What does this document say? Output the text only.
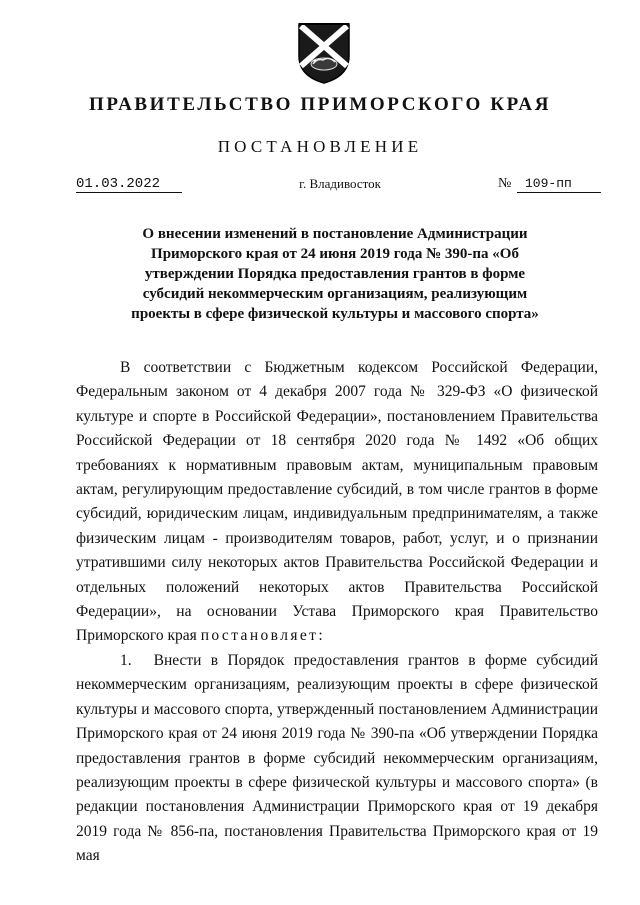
ПРАВИТЕЛЬСТВО ПРИМОРСКОГО КРАЯ
ПОСТАНОВЛЕНИЕ
01.03.2022	г. Владивосток	№	109-пп
О внесении изменений в постановление Администрации Приморского края от 24 июня 2019 года № 390-па «Об утверждении Порядка предоставления грантов в форме субсидий некоммерческим организациям, реализующим проекты в сфере физической культуры и массового спорта»

В соответствии с Бюджетным кодексом Российской Федерации, Федеральным законом от 4 декабря 2007 года № 329-ФЗ «О физической культуре и спорте в Российской Федерации», постановлением Правительства Российской Федерации от 18 сентября 2020 года № 1492 «Об общих требованиях к нормативным правовым актам, муниципальным правовым актам, регулирующим предоставление субсидий, в том числе грантов в форме субсидий, юридическим лицам, индивидуальным предпринимателям, а также физическим лицам - производителям товаров, работ, услуг, и о признании утратившими силу некоторых актов Правительства Российской Федерации и отдельных положений некоторых актов Правительства Российской Федерации», на основании Устава Приморского края Правительство Приморского края постановляет:

1. Внести в Порядок предоставления грантов в форме субсидий некоммерческим организациям, реализующим проекты в сфере физической культуры и массового спорта, утвержденный постановлением Администрации Приморского края от 24 июня 2019 года № 390-па «Об утверждении Порядка предоставления грантов в форме субсидий некоммерческим организациям, реализующим проекты в сфере физической культуры и массового спорта» (в редакции постановления Администрации Приморского края от 19 декабря 2019 года № 856-па, постановления Правительства Приморского края от 19 мая
